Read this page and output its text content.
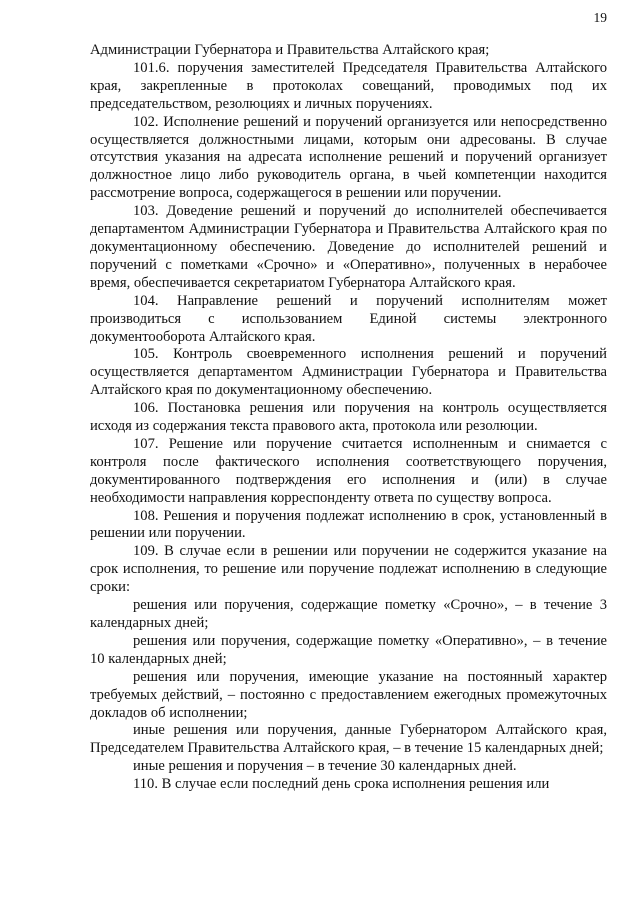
19

Администрации Губернатора и Правительства Алтайского края;

101.6. поручения заместителей Председателя Правительства Алтайского края, закрепленные в протоколах совещаний, проводимых под их председательством, резолюциях и личных поручениях.

102. Исполнение решений и поручений организуется или непосредственно осуществляется должностными лицами, которым они адресованы. В случае отсутствия указания на адресата исполнение решений и поручений организует должностное лицо либо руководитель органа, в чьей компетенции находится рассмотрение вопроса, содержащегося в решении или поручении.

103. Доведение решений и поручений до исполнителей обеспечивается департаментом Администрации Губернатора и Правительства Алтайского края по документационному обеспечению. Доведение до исполнителей решений и поручений с пометками «Срочно» и «Оперативно», полученных в нерабочее время, обеспечивается секретариатом Губернатора Алтайского края.

104. Направление решений и поручений исполнителям может производиться с использованием Единой системы электронного документооборота Алтайского края.

105. Контроль своевременного исполнения решений и поручений осуществляется департаментом Администрации Губернатора и Правительства Алтайского края по документационному обеспечению.

106. Постановка решения или поручения на контроль осуществляется исходя из содержания текста правового акта, протокола или резолюции.

107. Решение или поручение считается исполненным и снимается с контроля после фактического исполнения соответствующего поручения, документированного подтверждения его исполнения и (или) в случае необходимости направления корреспонденту ответа по существу вопроса.

108. Решения и поручения подлежат исполнению в срок, установленный в решении или поручении.

109. В случае если в решении или поручении не содержится указание на срок исполнения, то решение или поручение подлежат исполнению в следующие сроки:

решения или поручения, содержащие пометку «Срочно», – в течение 3 календарных дней;

решения или поручения, содержащие пометку «Оперативно», – в течение 10 календарных дней;

решения или поручения, имеющие указание на постоянный характер требуемых действий, – постоянно с предоставлением ежегодных промежуточных докладов об исполнении;

иные решения или поручения, данные Губернатором Алтайского края, Председателем Правительства Алтайского края, – в течение 15 календарных дней;

иные решения и поручения – в течение 30 календарных дней.

110. В случае если последний день срока исполнения решения или
